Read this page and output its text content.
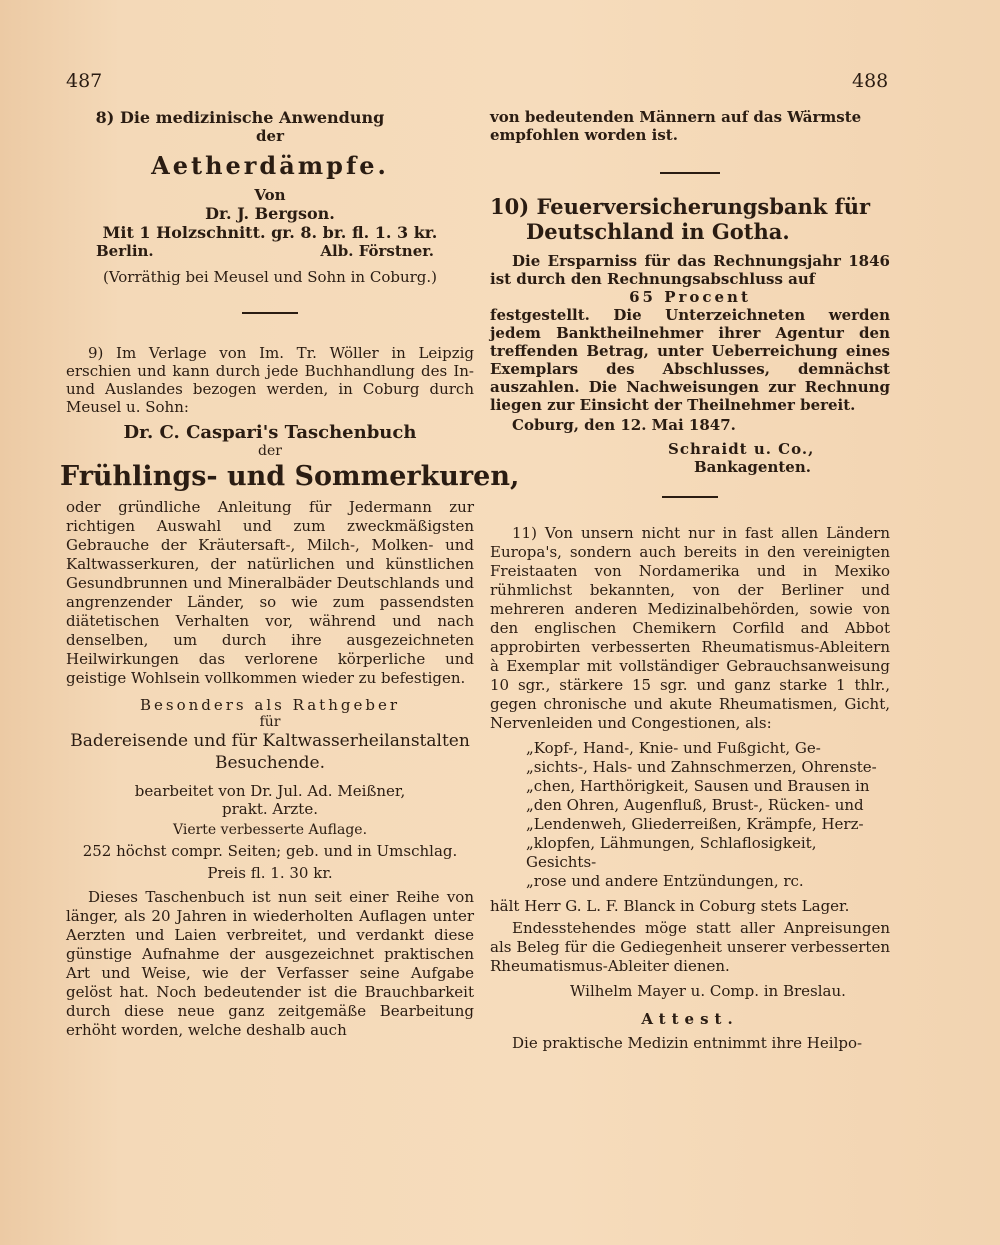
487	488

8) Die medizinische Anwendung

der

Aetherdämpfe.

Von

Dr. J. Bergson.

Mit 1 Holzschnitt. gr. 8. br. fl. 1. 3 kr.

Berlin.	Alb. Förstner.

(Vorräthig bei Meusel und Sohn in Coburg.)

9) Im Verlage von Im. Tr. Wöller in Leipzig erschien und kann durch jede Buchhandlung des In- und Auslandes bezogen werden, in Coburg durch Meusel u. Sohn:

Dr. C. Caspari's Taschenbuch

der

Frühlings- und Sommerkuren,

oder gründliche Anleitung für Jedermann zur richtigen Auswahl und zum zweckmäßigsten Gebrauche der Kräutersaft-, Milch-, Molken- und Kaltwasserkuren, der natürlichen und künstlichen Gesundbrunnen und Mineralbäder Deutschlands und angrenzender Länder, so wie zum passendsten diätetischen Verhalten vor, während und nach denselben, um durch ihre ausgezeichneten Heilwirkungen das verlorene körperliche und geistige Wohlsein vollkommen wieder zu befestigen.

Besonders als Rathgeber

für

Badereisende und für Kaltwasserheilanstalten Besuchende.

bearbeitet von Dr. Jul. Ad. Meißner,

prakt. Arzte.

Vierte verbesserte Auflage.

252 höchst compr. Seiten; geb. und in Umschlag.

Preis fl. 1. 30 kr.

Dieses Taschenbuch ist nun seit einer Reihe von länger, als 20 Jahren in wiederholten Auflagen unter Aerzten und Laien verbreitet, und verdankt diese günstige Aufnahme der ausgezeichnet praktischen Art und Weise, wie der Verfasser seine Aufgabe gelöst hat. Noch bedeutender ist die Brauchbarkeit durch diese neue ganz zeitgemäße Bearbeitung erhöht worden, welche deshalb auch

von bedeutenden Männern auf das Wärmste empfohlen worden ist.

10) Feuerversicherungsbank für Deutschland in Gotha.

Die Ersparniss für das Rechnungsjahr 1846 ist durch den Rechnungsabschluss auf

65 Procent

festgestellt. Die Unterzeichneten werden jedem Banktheilnehmer ihrer Agentur den treffenden Betrag, unter Ueberreichung eines Exemplars des Abschlusses, demnächst auszahlen. Die Nachweisungen zur Rechnung liegen zur Einsicht der Theilnehmer bereit.

Coburg, den 12. Mai 1847.

Schraidt u. Co.,

Bankagenten.

11) Von unsern nicht nur in fast allen Ländern Europa's, sondern auch bereits in den vereinigten Freistaaten von Nordamerika und in Mexiko rühmlichst bekannten, von der Berliner und mehreren anderen Medizinalbehörden, sowie von den englischen Chemikern Corfild and Abbot approbirten verbesserten Rheumatismus-Ableitern à Exemplar mit vollständiger Gebrauchsanweisung 10 sgr., stärkere 15 sgr. und ganz starke 1 thlr., gegen chronische und akute Rheumatismen, Gicht, Nervenleiden und Congestionen, als:

„Kopf-, Hand-, Knie- und Fußgicht, Ge-

„sichts-, Hals- und Zahnschmerzen, Ohrenste-

„chen, Harthörigkeit, Sausen und Brausen in

„den Ohren, Augenfluß, Brust-, Rücken- und

„Lendenweh, Gliederreißen, Krämpfe, Herz-

„klopfen, Lähmungen, Schlaflosigkeit, Gesichts-

„rose und andere Entzündungen, rc.

hält Herr G. L. F. Blanck in Coburg stets Lager.

Endesstehendes möge statt aller Anpreisungen als Beleg für die Gediegenheit unserer verbesserten Rheumatismus-Ableiter dienen.

Wilhelm Mayer u. Comp. in Breslau.

Attest.

Die praktische Medizin entnimmt ihre Heilpo-
